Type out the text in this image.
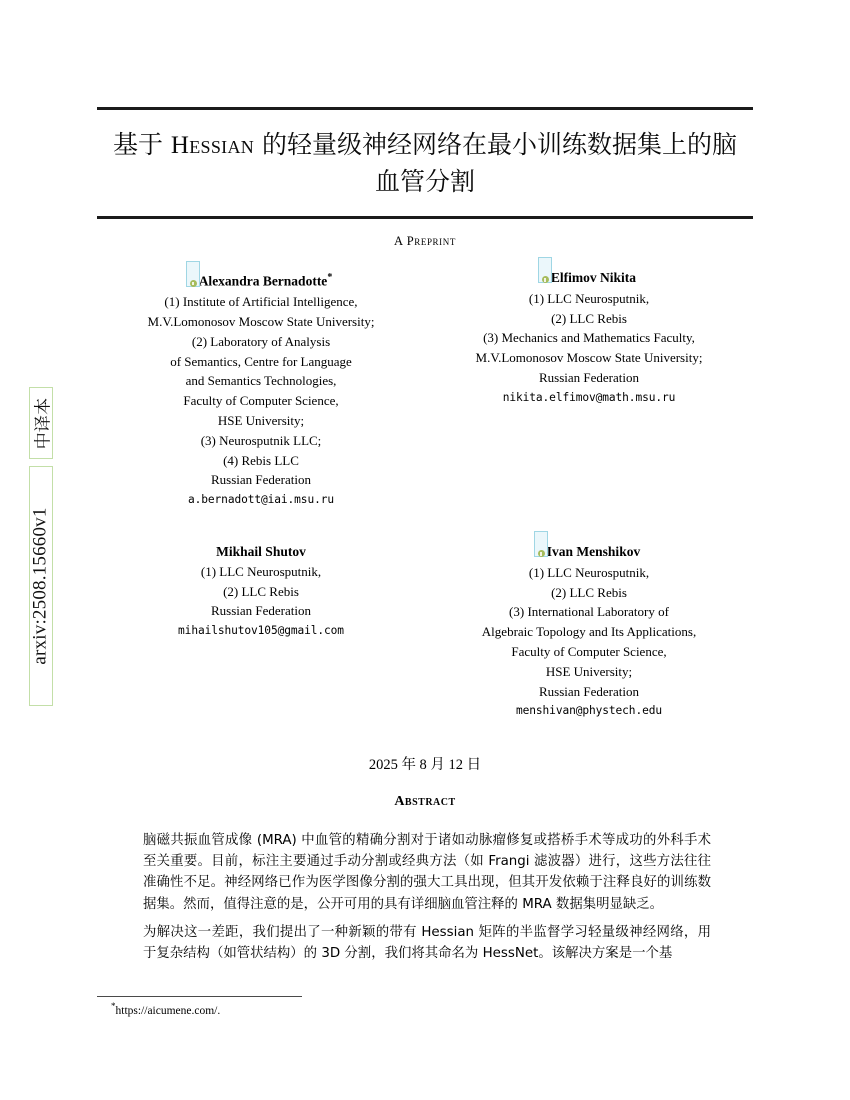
中译本
arxiv:2508.15660v1
基于 Hessian 的轻量级神经网络在最小训练数据集上的脑血管分割
A Preprint
Alexandra Bernadotte*
(1) Institute of Artificial Intelligence,
M.V.Lomonosov Moscow State University;
(2) Laboratory of Analysis
of Semantics, Centre for Language
and Semantics Technologies,
Faculty of Computer Science,
HSE University;
(3) Neurosputnik LLC;
(4) Rebis LLC
Russian Federation
a.bernadott@iai.msu.ru
Elfimov Nikita
(1) LLC Neurosputnik,
(2) LLC Rebis
(3) Mechanics and Mathematics Faculty,
M.V.Lomonosov Moscow State University;
Russian Federation
nikita.elfimov@math.msu.ru
Mikhail Shutov
(1) LLC Neurosputnik,
(2) LLC Rebis
Russian Federation
mihailshutov105@gmail.com
Ivan Menshikov
(1) LLC Neurosputnik,
(2) LLC Rebis
(3) International Laboratory of
Algebraic Topology and Its Applications,
Faculty of Computer Science,
HSE University;
Russian Federation
menshivan@phystech.edu
2025 年 8 月 12 日
Abstract

脑磁共振血管成像 (MRA) 中血管的精确分割对于诸如动脉瘤修复或搭桥手术等成功的外科手术至关重要。目前，标注主要通过手动分割或经典方法（如 Frangi 滤波器）进行，这些方法往往准确性不足。神经网络已作为医学图像分割的强大工具出现，但其开发依赖于注释良好的训练数据集。然而，值得注意的是，公开可用的具有详细脑血管注释的 MRA 数据集明显缺乏。

为解决这一差距，我们提出了一种新颖的带有 Hessian 矩阵的半监督学习轻量级神经网络，用于复杂结构（如管状结构）的 3D 分割，我们将其命名为 HessNet。该解决方案是一个基

*https://aicumene.com/.
